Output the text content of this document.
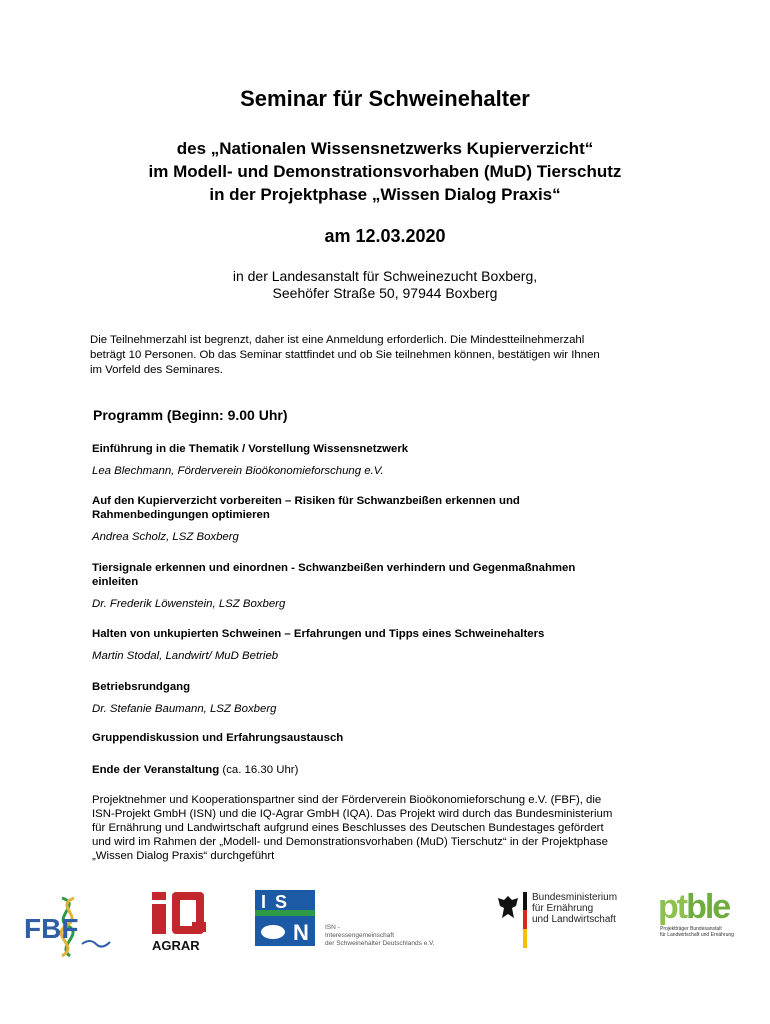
Seminar für Schweinehalter
des „Nationalen Wissensnetzwerks Kupierverzicht“
im Modell- und Demonstrationsvorhaben (MuD) Tierschutz
in der Projektphase „Wissen Dialog Praxis“
am 12.03.2020
in der Landesanstalt für Schweinezucht Boxberg,
Seehöfer Straße 50, 97944 Boxberg
Die Teilnehmerzahl ist begrenzt, daher ist eine Anmeldung erforderlich. Die Mindestteilnehmerzahl
beträgt 10 Personen. Ob das Seminar stattfindet und ob Sie teilnehmen können, bestätigen wir Ihnen
im Vorfeld des Seminares.
Programm (Beginn: 9.00 Uhr)
Einführung in die Thematik / Vorstellung Wissensnetzwerk
Lea Blechmann, Förderverein Bioökonomieforschung e.V.
Auf den Kupierverzicht vorbereiten – Risiken für Schwanzbeißen erkennen und
Rahmenbedingungen optimieren
Andrea Scholz, LSZ Boxberg
Tiersignale erkennen und einordnen - Schwanzbeißen verhindern und Gegenmaßnahmen
einleiten
Dr. Frederik Löwenstein, LSZ Boxberg
Halten von unkupierten Schweinen – Erfahrungen und Tipps eines Schweinehalters
Martin Stodal, Landwirt/ MuD Betrieb
Betriebsrundgang
Dr. Stefanie Baumann, LSZ Boxberg
Gruppendiskussion und Erfahrungsaustausch
Ende der Veranstaltung (ca. 16.30 Uhr)
Projektnehmer und Kooperationspartner sind der Förderverein Bioökonomieforschung e.V. (FBF), die
ISN-Projekt GmbH (ISN) und die IQ-Agrar GmbH (IQA). Das Projekt wird durch das Bundesministerium
für Ernährung und Landwirtschaft aufgrund eines Beschlusses des Deutschen Bundestages gefördert
und wird im Rahmen der „Modell- und Demonstrationsvorhaben (MuD) Tierschutz“ in der Projektphase
„Wissen Dialog Praxis“ durchgeführt
FBF
AGRAR
I S
N ISN -
Interessengemeinschaft
der Schweinehalter Deutschlands e.V.
Bundesministerium
für Ernährung
und Landwirtschaft ptble
Projektträger Bundesanstalt
für Landwirtschaft und Ernährung
